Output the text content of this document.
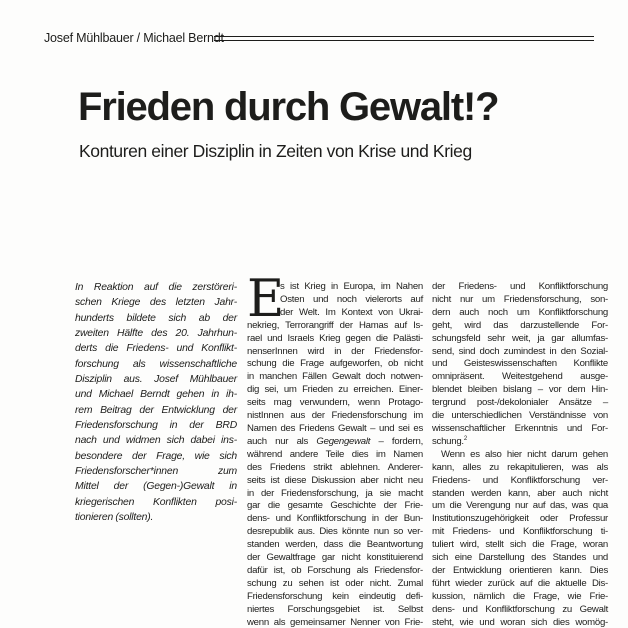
Josef Mühlbauer / Michael Berndt
Frieden durch Gewalt!?
Konturen einer Disziplin in Zeiten von Krise und Krieg
In Reaktion auf die zerstöreri-
schen Kriege des letzten Jahr-
hunderts bildete sich ab der
zweiten Hälfte des 20. Jahrhun-
derts die Friedens- und Konflikt-
forschung als wissenschaftliche
Disziplin aus. Josef Mühlbauer
und Michael Berndt gehen in ih-
rem Beitrag der Entwicklung der
Friedensforschung in der BRD
nach und widmen sich dabei ins-
besondere der Frage, wie sich
Friedensforscher*innen zum
Mittel der (Gegen-)Gewalt in
kriegerischen Konflikten posi-
tionieren (sollten).
E
s ist Krieg in Europa, im Nahen
Osten und noch vielerorts auf
der Welt. Im Kontext von Ukrai-
nekrieg, Terrorangriff der Hamas auf Is-
rael und Israels Krieg gegen die Palästi-
nenserInnen wird in der Friedensfor-
schung die Frage aufgeworfen, ob nicht
in manchen Fällen Gewalt doch notwen-
dig sei, um Frieden zu erreichen. Einer-
seits mag verwundern, wenn Protago-
nistInnen aus der Friedensforschung im
Namen des Friedens Gewalt – und sei es
auch nur als Gegengewalt – fordern,
während andere Teile dies im Namen
des Friedens strikt ablehnen. Anderer-
seits ist diese Diskussion aber nicht neu
in der Friedensforschung, ja sie macht
gar die gesamte Geschichte der Frie-
dens- und Konfliktforschung in der Bun-
desrepublik aus. Dies könnte nun so ver-
standen werden, dass die Beantwortung
der Gewaltfrage gar nicht konstituierend
dafür ist, ob Forschung als Friedensfor-
schung zu sehen ist oder nicht. Zumal
Friedensforschung kein eindeutig defi-
niertes Forschungsgebiet ist. Selbst
wenn als gemeinsamer Nenner von Frie-
der Friedens- und Konfliktforschung
nicht nur um Friedensforschung, son-
dern auch noch um Konfliktforschung
geht, wird das darzustellende For-
schungsfeld sehr weit, ja gar allumfas-
send, sind doch zumindest in den Sozial-
und Geisteswissenschaften Konflikte
omnipräsent. Weitestgehend ausge-
blendet bleiben bislang – vor dem Hin-
tergrund post-/dekolonialer Ansätze –
die unterschiedlichen Verständnisse von
wissenschaftlicher Erkenntnis und For-
schung.$^2$
Wenn es also hier nicht darum gehen
kann, alles zu rekapitulieren, was als
Friedens- und Konfliktforschung ver-
standen werden kann, aber auch nicht
um die Verengung nur auf das, was qua
Institutionszugehörigkeit oder Professur
mit Friedens- und Konfliktforschung ti-
tuliert wird, stellt sich die Frage, woran
sich eine Darstellung des Standes und
der Entwicklung orientieren kann. Dies
führt wieder zurück auf die aktuelle Dis-
kussion, nämlich die Frage, wie Frie-
dens- und Konfliktforschung zu Gewalt
steht, wie und woran sich dies womög-
